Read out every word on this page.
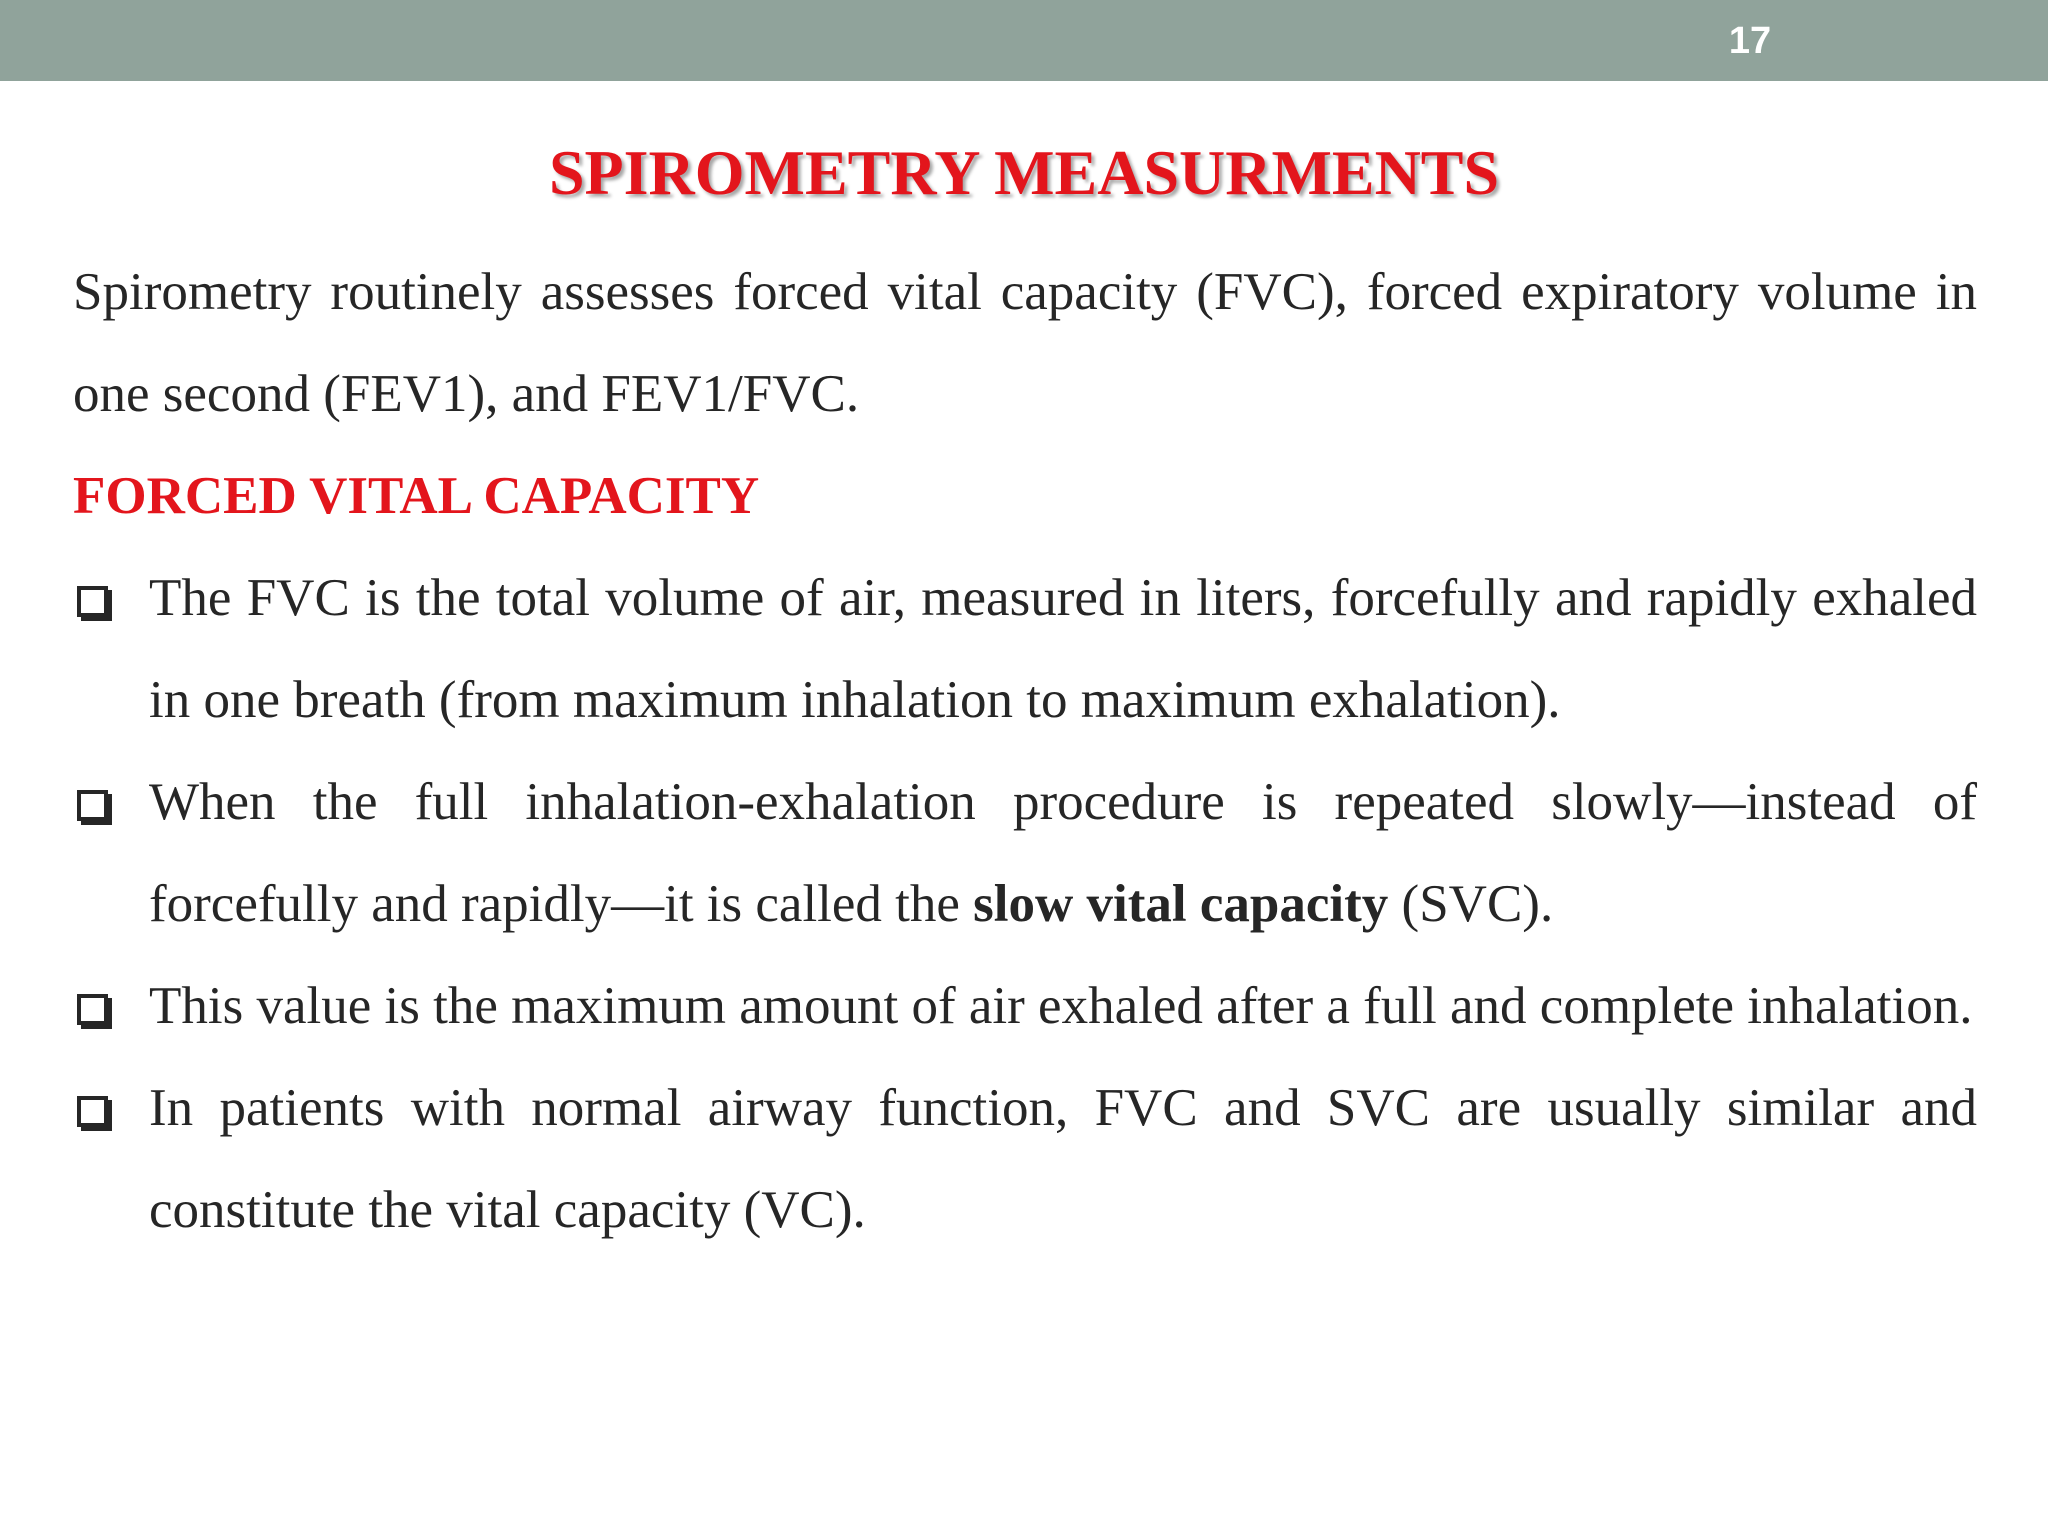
17
SPIROMETRY MEASURMENTS

Spirometry routinely assesses forced vital capacity (FVC), forced expiratory volume in one second (FEV1), and FEV1/FVC.

FORCED VITAL CAPACITY

The FVC is the total volume of air, measured in liters, forcefully and rapidly exhaled in one breath (from maximum inhalation to maximum exhalation).
When the full inhalation-exhalation procedure is repeated slowly—instead of forcefully and rapidly—it is called the slow vital capacity (SVC).
This value is the maximum amount of air exhaled after a full and complete inhalation.
In patients with normal airway function, FVC and SVC are usually similar and constitute the vital capacity (VC).
